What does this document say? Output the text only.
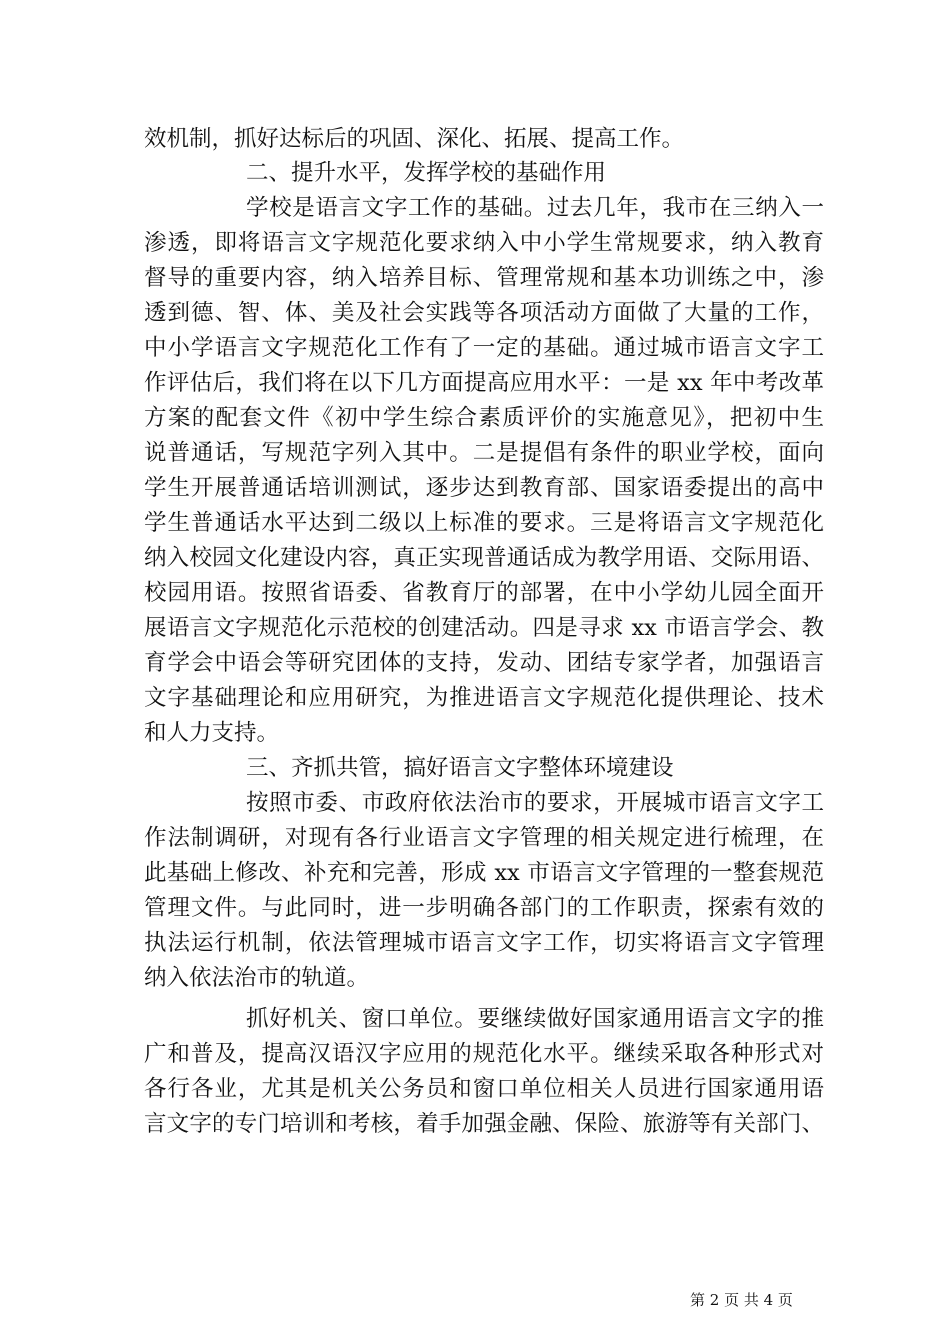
效机制，抓好达标后的巩固、深化、拓展、提高工作。
二、提升水平，发挥学校的基础作用
学校是语言文字工作的基础。过去几年，我市在三纳入一
渗透，即将语言文字规范化要求纳入中小学生常规要求，纳入教育
督导的重要内容，纳入培养目标、管理常规和基本功训练之中，渗
透到德、智、体、美及社会实践等各项活动方面做了大量的工作，
中小学语言文字规范化工作有了一定的基础。通过城市语言文字工
作评估后，我们将在以下几方面提高应用水平：一是 xx 年中考改革
方案的配套文件《初中学生综合素质评价的实施意见》，把初中生
说普通话，写规范字列入其中。二是提倡有条件的职业学校，面向
学生开展普通话培训测试，逐步达到教育部、国家语委提出的高中
学生普通话水平达到二级以上标准的要求。三是将语言文字规范化
纳入校园文化建设内容，真正实现普通话成为教学用语、交际用语、
校园用语。按照省语委、省教育厅的部署，在中小学幼儿园全面开
展语言文字规范化示范校的创建活动。四是寻求 xx 市语言学会、教
育学会中语会等研究团体的支持，发动、团结专家学者，加强语言
文字基础理论和应用研究，为推进语言文字规范化提供理论、技术
和人力支持。
三、齐抓共管，搞好语言文字整体环境建设
按照市委、市政府依法治市的要求，开展城市语言文字工
作法制调研，对现有各行业语言文字管理的相关规定进行梳理，在
此基础上修改、补充和完善，形成 xx 市语言文字管理的一整套规范
管理文件。与此同时，进一步明确各部门的工作职责，探索有效的
执法运行机制，依法管理城市语言文字工作，切实将语言文字管理
纳入依法治市的轨道。
抓好机关、窗口单位。要继续做好国家通用语言文字的推
广和普及，提高汉语汉字应用的规范化水平。继续采取各种形式对
各行各业，尤其是机关公务员和窗口单位相关人员进行国家通用语
言文字的专门培训和考核，着手加强金融、保险、旅游等有关部门、
第 2 页 共 4 页
